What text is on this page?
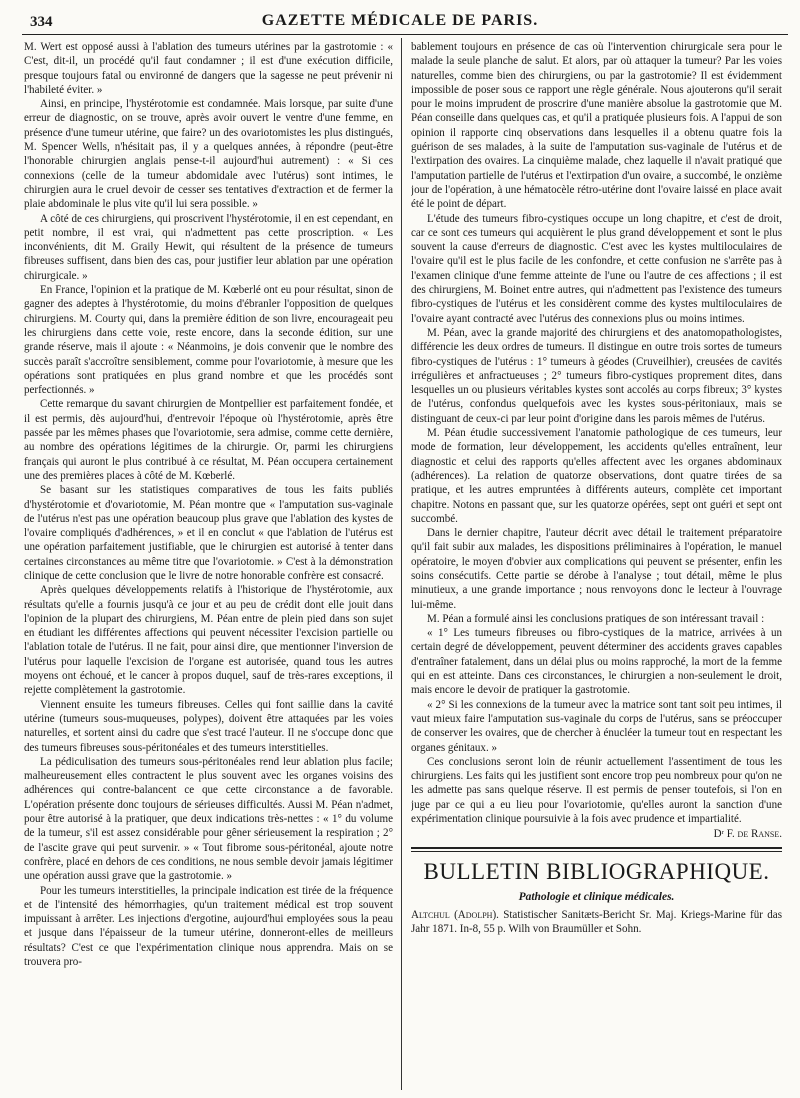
334	GAZETTE MÉDICALE DE PARIS.

M. Wert est opposé aussi à l'ablation des tumeurs utérines par la gastrotomie : « C'est, dit-il, un procédé qu'il faut condamner ; il est d'une exécution difficile, presque toujours fatal ou environné de dangers que la sagesse ne peut prévenir ni l'habileté éviter. »

Ainsi, en principe, l'hystérotomie est condamnée. Mais lorsque, par suite d'une erreur de diagnostic, on se trouve, après avoir ouvert le ventre d'une femme, en présence d'une tumeur utérine, que faire? un des ovariotomistes les plus distingués, M. Spencer Wells, n'hésitait pas, il y a quelques années, à répondre (peut-être l'honorable chirurgien anglais pense-t-il aujourd'hui autrement) : « Si ces connexions (celle de la tumeur abdomidale avec l'utérus) sont intimes, le chirurgien aura le cruel devoir de cesser ses tentatives d'extraction et de fermer la plaie abdominale le plus vite qu'il lui sera possible. »

A côté de ces chirurgiens, qui proscrivent l'hystérotomie, il en est cependant, en petit nombre, il est vrai, qui n'admettent pas cette proscription. « Les inconvénients, dit M. Graily Hewit, qui résultent de la présence de tumeurs fibreuses suffisent, dans bien des cas, pour justifier leur ablation par une opération chirurgicale. »

En France, l'opinion et la pratique de M. Kœberlé ont eu pour résultat, sinon de gagner des adeptes à l'hystérotomie, du moins d'ébranler l'opposition de quelques chirurgiens. M. Courty qui, dans la première édition de son livre, encourageait peu les chirurgiens dans cette voie, reste encore, dans la seconde édition, sur une grande réserve, mais il ajoute : « Néanmoins, je dois convenir que le nombre des succès paraît s'accroître sensiblement, comme pour l'ovariotomie, à mesure que les opérations sont pratiquées en plus grand nombre et que les procédés sont perfectionnés. »

Cette remarque du savant chirurgien de Montpellier est parfaitement fondée, et il est permis, dès aujourd'hui, d'entrevoir l'époque où l'hystérotomie, après être passée par les mêmes phases que l'ovariotomie, sera admise, comme cette dernière, au nombre des opérations légitimes de la chirurgie. Or, parmi les chirurgiens français qui auront le plus contribué à ce résultat, M. Péan occupera certainement une des premières places à côté de M. Kœberlé.

Se basant sur les statistiques comparatives de tous les faits publiés d'hystérotomie et d'ovariotomie, M. Péan montre que « l'amputation sus-vaginale de l'utérus n'est pas une opération beaucoup plus grave que l'ablation des kystes de l'ovaire compliqués d'adhérences, » et il en conclut « que l'ablation de l'utérus est une opération parfaitement justifiable, que le chirurgien est autorisé à tenter dans certaines circonstances au même titre que l'ovariotomie. » C'est à la démonstration clinique de cette conclusion que le livre de notre honorable confrère est consacré.

Après quelques développements relatifs à l'historique de l'hystérotomie, aux résultats qu'elle a fournis jusqu'à ce jour et au peu de crédit dont elle jouit dans l'opinion de la plupart des chirurgiens, M. Péan entre de plein pied dans son sujet en étudiant les différentes affections qui peuvent nécessiter l'excision partielle ou l'ablation totale de l'utérus. Il ne fait, pour ainsi dire, que mentionner l'inversion de l'utérus pour laquelle l'excision de l'organe est autorisée, quand tous les autres moyens ont échoué, et le cancer à propos duquel, sauf de très-rares exceptions, il rejette complètement la gastrotomie.

Viennent ensuite les tumeurs fibreuses. Celles qui font saillie dans la cavité utérine (tumeurs sous-muqueuses, polypes), doivent être attaquées par les voies naturelles, et sortent ainsi du cadre que s'est tracé l'auteur. Il ne s'occupe donc que des tumeurs fibreuses sous-péritonéales et des tumeurs interstitielles.

La pédiculisation des tumeurs sous-péritonéales rend leur ablation plus facile; malheureusement elles contractent le plus souvent avec les organes voisins des adhérences qui contre-balancent ce que cette circonstance a de favorable. L'opération présente donc toujours de sérieuses difficultés. Aussi M. Péan n'admet, pour être autorisé à la pratiquer, que deux indications très-nettes : « 1° du volume de la tumeur, s'il est assez considérable pour gêner sérieusement la respiration ; 2° de l'ascite grave qui peut survenir. » « Tout fibrome sous-péritonéal, ajoute notre confrère, placé en dehors de ces conditions, ne nous semble devoir jamais légitimer une opération aussi grave que la gastrotomie. »

Pour les tumeurs interstitielles, la principale indication est tirée de la fréquence et de l'intensité des hémorrhagies, qu'un traitement médical est trop souvent impuissant à arrêter. Les injections d'ergotine, aujourd'hui employées sous la peau et jusque dans l'épaisseur de la tumeur utérine, donneront-elles de meilleurs résultats? C'est ce que l'expérimentation clinique nous apprendra. Mais on se trouvera pro-

bablement toujours en présence de cas où l'intervention chirurgicale sera pour le malade la seule planche de salut. Et alors, par où attaquer la tumeur? Par les voies naturelles, comme bien des chirurgiens, ou par la gastrotomie? Il est évidemment impossible de poser sous ce rapport une règle générale. Nous ajouterons qu'il serait pour le moins imprudent de proscrire d'une manière absolue la gastrotomie que M. Péan conseille dans quelques cas, et qu'il a pratiquée plusieurs fois. A l'appui de son opinion il rapporte cinq observations dans lesquelles il a obtenu quatre fois la guérison de ses malades, à la suite de l'amputation sus-vaginale de l'utérus et de l'extirpation des ovaires. La cinquième malade, chez laquelle il n'avait pratiqué que l'amputation partielle de l'utérus et l'extirpation d'un ovaire, a succombé, le onzième jour de l'opération, à une hématocèle rétro-utérine dont l'ovaire laissé en place avait été le point de départ.

L'étude des tumeurs fibro-cystiques occupe un long chapitre, et c'est de droit, car ce sont ces tumeurs qui acquièrent le plus grand développement et sont le plus souvent la cause d'erreurs de diagnostic. C'est avec les kystes multiloculaires de l'ovaire qu'il est le plus facile de les confondre, et cette confusion ne s'arrête pas à l'examen clinique d'une femme atteinte de l'une ou l'autre de ces affections ; il est des chirurgiens, M. Boinet entre autres, qui n'admettent pas l'existence des tumeurs fibro-cystiques de l'utérus et les considèrent comme des kystes multiloculaires de l'ovaire ayant contracté avec l'utérus des connexions plus ou moins intimes.

M. Péan, avec la grande majorité des chirurgiens et des anatomopathologistes, différencie les deux ordres de tumeurs. Il distingue en outre trois sortes de tumeurs fibro-cystiques de l'utérus : 1° tumeurs à géodes (Cruveilhier), creusées de cavités irrégulières et anfractueuses ; 2° tumeurs fibro-cystiques proprement dites, dans lesquelles un ou plusieurs véritables kystes sont accolés au corps fibreux; 3° kystes de l'utérus, confondus quelquefois avec les kystes sous-péritoniaux, mais se distinguant de ceux-ci par leur point d'origine dans les parois mêmes de l'utérus.

M. Péan étudie successivement l'anatomie pathologique de ces tumeurs, leur mode de formation, leur développement, les accidents qu'elles entraînent, leur diagnostic et celui des rapports qu'elles affectent avec les organes abdominaux (adhérences). La relation de quatorze observations, dont quatre tirées de sa pratique, et les autres empruntées à différents auteurs, complète cet important chapitre. Notons en passant que, sur les quatorze opérées, sept ont guéri et sept ont succombé.

Dans le dernier chapitre, l'auteur décrit avec détail le traitement préparatoire qu'il fait subir aux malades, les dispositions préliminaires à l'opération, le manuel opératoire, le moyen d'obvier aux complications qui peuvent se présenter, enfin les soins consécutifs. Cette partie se dérobe à l'analyse ; tout détail, même le plus minutieux, a une grande importance ; nous renvoyons donc le lecteur à l'ouvrage lui-même.

M. Péan a formulé ainsi les conclusions pratiques de son intéressant travail :

« 1° Les tumeurs fibreuses ou fibro-cystiques de la matrice, arrivées à un certain degré de développement, peuvent déterminer des accidents graves capables d'entraîner fatalement, dans un délai plus ou moins rapproché, la mort de la femme qui en est atteinte. Dans ces circonstances, le chirurgien a non-seulement le droit, mais encore le devoir de pratiquer la gastrotomie.

« 2° Si les connexions de la tumeur avec la matrice sont tant soit peu intimes, il vaut mieux faire l'amputation sus-vaginale du corps de l'utérus, sans se préoccuper de conserver les ovaires, que de chercher à énucléer la tumeur tout en respectant les organes génitaux. »

Ces conclusions seront loin de réunir actuellement l'assentiment de tous les chirurgiens. Les faits qui les justifient sont encore trop peu nombreux pour qu'on ne les admette pas sans quelque réserve. Il est permis de penser toutefois, si l'on en juge par ce qui a eu lieu pour l'ovariotomie, qu'elles auront la sanction d'une expérimentation clinique poursuivie à la fois avec prudence et impartialité.

Dʳ F. de Ranse.
BULLETIN BIBLIOGRAPHIQUE.
Pathologie et clinique médicales.

Altchul (Adolph). Statistischer Sanitæts-Bericht Sr. Maj. Kriegs-Marine für das Jahr 1871. In-8, 55 p. Wilh von Braumüller et Sohn.
